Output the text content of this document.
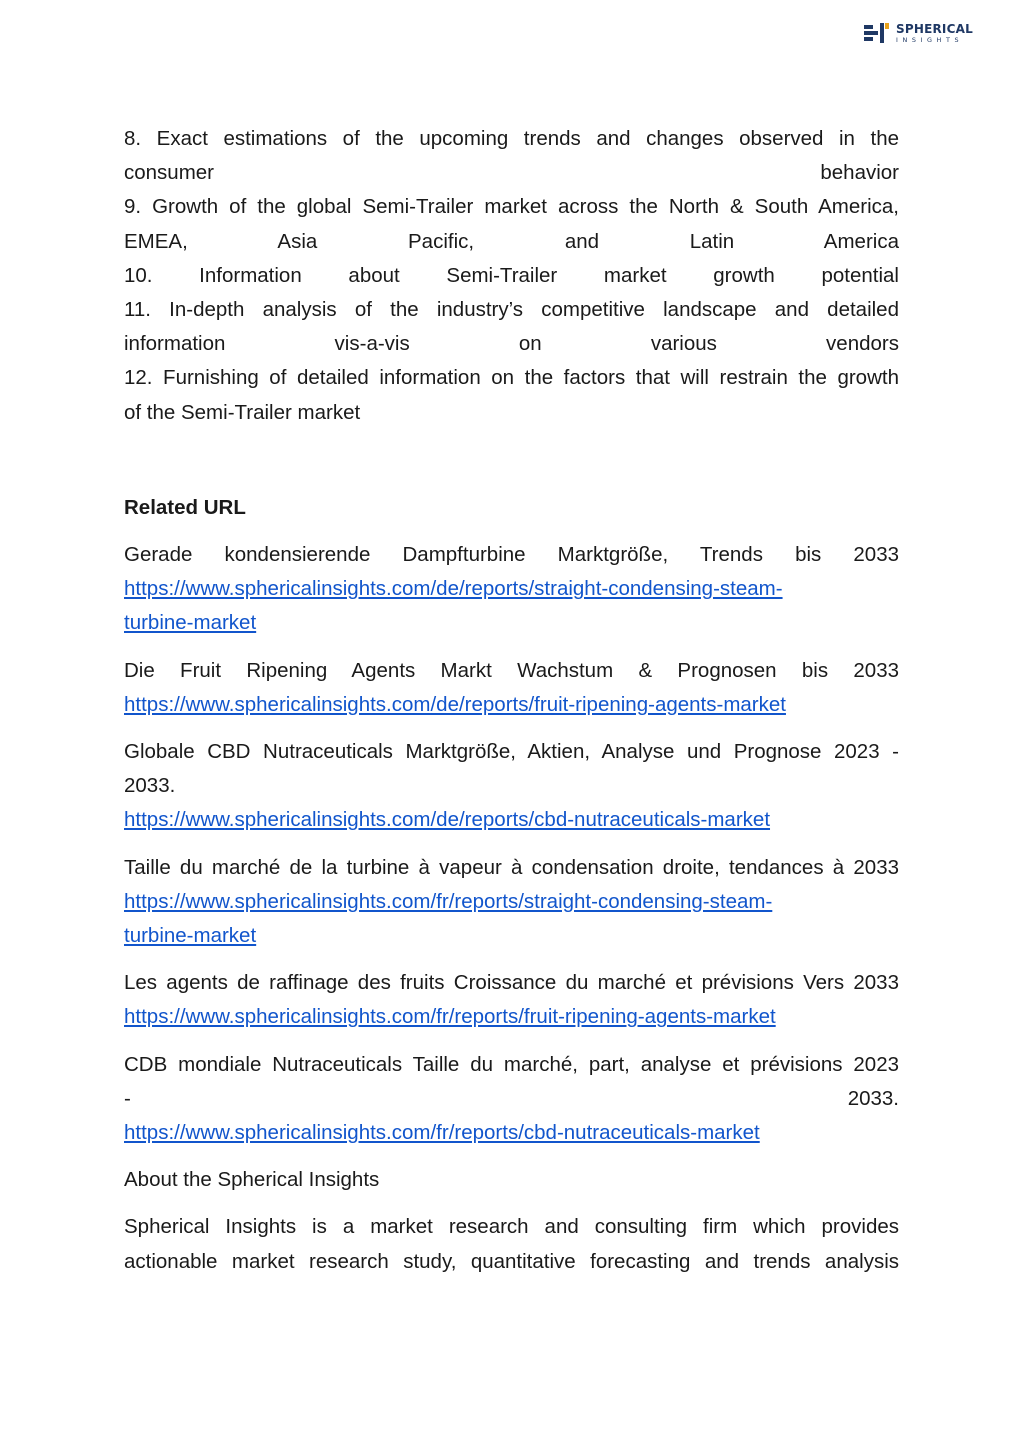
SPHERICAL
INSIGHTS
8. Exact estimations of the upcoming trends and changes observed in the
consumer behavior
9. Growth of the global Semi-Trailer market across the North & South America,
EMEA, Asia Pacific, and Latin America
10. Information about Semi-Trailer market growth potential
11. In-depth analysis of the industry’s competitive landscape and detailed
information vis-a-vis on various vendors
12. Furnishing of detailed information on the factors that will restrain the growth
of the Semi-Trailer market
Related URL
Gerade kondensierende Dampfturbine Marktgröße, Trends bis 2033
https://www.sphericalinsights.com/de/reports/straight-condensing-steam-
turbine-market
Die Fruit Ripening Agents Markt Wachstum & Prognosen bis 2033
https://www.sphericalinsights.com/de/reports/fruit-ripening-agents-market
Globale CBD Nutraceuticals Marktgröße, Aktien, Analyse und Prognose 2023 -
2033.
https://www.sphericalinsights.com/de/reports/cbd-nutraceuticals-market
Taille du marché de la turbine à vapeur à condensation droite, tendances à 2033
https://www.sphericalinsights.com/fr/reports/straight-condensing-steam-
turbine-market
Les agents de raffinage des fruits Croissance du marché et prévisions Vers 2033
https://www.sphericalinsights.com/fr/reports/fruit-ripening-agents-market
CDB mondiale Nutraceuticals Taille du marché, part, analyse et prévisions 2023
- 2033.
https://www.sphericalinsights.com/fr/reports/cbd-nutraceuticals-market
About the Spherical Insights
Spherical Insights is a market research and consulting firm which provides
actionable market research study, quantitative forecasting and trends analysis
